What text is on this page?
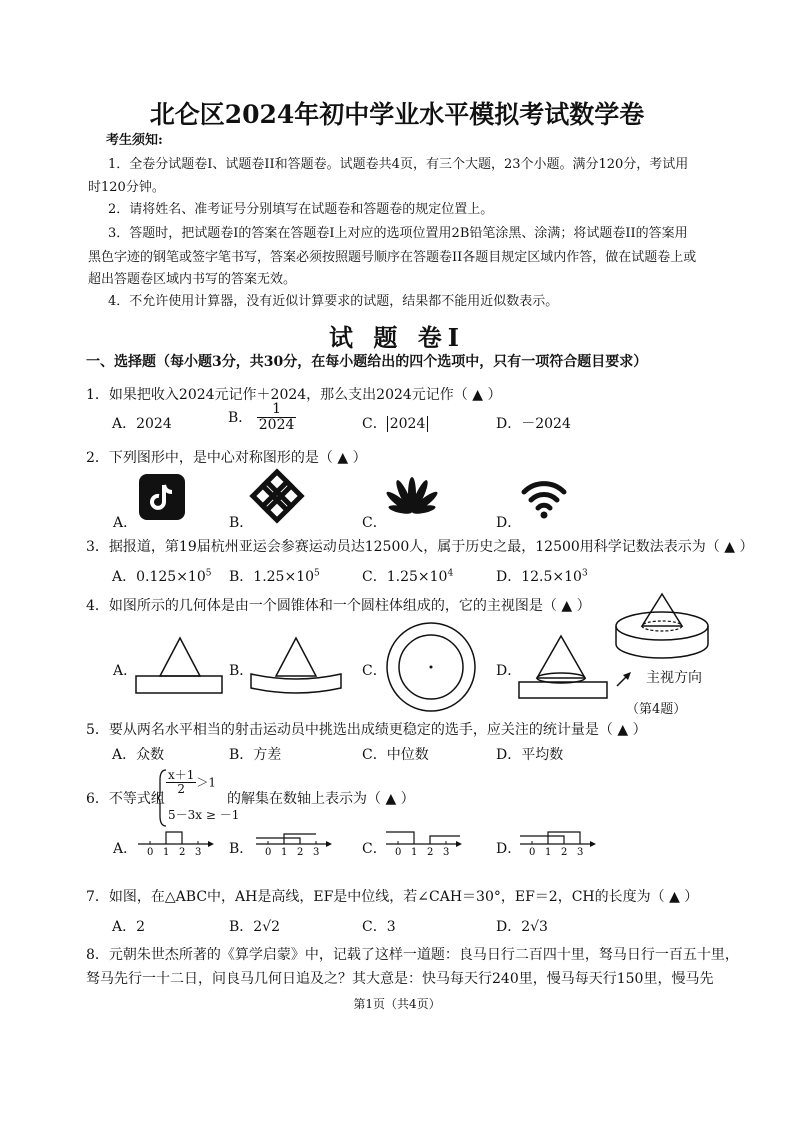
北仑区2024年初中学业水平模拟考试数学卷
考生须知:
1．全卷分试题卷I、试题卷II和答题卷。试题卷共4页，有三个大题，23个小题。满分120分，考试用
时120分钟。
2．请将姓名、准考证号分别填写在试题卷和答题卷的规定位置上。
3．答题时，把试题卷I的答案在答题卷I上对应的选项位置用2B铅笔涂黑、涂满；将试题卷II的答案用
黑色字迹的钢笔或签字笔书写，答案必须按照题号顺序在答题卷II各题目规定区域内作答，做在试题卷上或
超出答题卷区域内书写的答案无效。
4．不允许使用计算器，没有近似计算要求的试题，结果都不能用近似数表示。
试 题 卷I
一、选择题（每小题3分，共30分，在每小题给出的四个选项中，只有一项符合题目要求）
1．如果把收入2024元记作＋2024，那么支出2024元记作（ ▲ ）
A．2024	B． $\frac{1}{2024}$	C． 2024	D．－2024
2．下列图形中，是中心对称图形的是（ ▲ ）
A．	B．	C．	D．
3．据报道，第19届杭州亚运会参赛运动员达12500人，属于历史之最，12500用科学记数法表示为（ ▲ ）
A．$0.125\times 10^5$ B．$1.25\times 10^5$	C．$1.25\times 10^4$	D．$12.5\times 10^3$
4．如图所示的几何体是由一个圆锥体和一个圆柱体组成的，它的主视图是（ ▲ ）
A．	B．	C．	D．	主视方向
（第4题）
5．要从两名水平相当的射击运动员中挑选出成绩更稳定的选手，应关注的统计量是（ ▲ ）
A．众数	B．方差	C．中位数	D．平均数
6．不等式组
$\frac{x+1}{2} >1$
5－3x ≥ －1
的解集在数轴上表示为（ ▲ ）
A． 0 1 2 3 B． 0 1 2 3	C． 0 1 2 3	D． 0 1 2 3
7．如图，在△ABC中，AH是高线，EF是中位线，若∠CAH＝30°，EF＝2，CH的长度为（ ▲ ）
A．2	B．2√2	C．3	D．2√3
8．元朝朱世杰所著的《算学启蒙》中，记载了这样一道题：良马日行二百四十里，驽马日行一百五十里，
驽马先行一十二日，问良马几何日追及之？其大意是：快马每天行240里，慢马每天行150里，慢马先
第1页（共4页）
